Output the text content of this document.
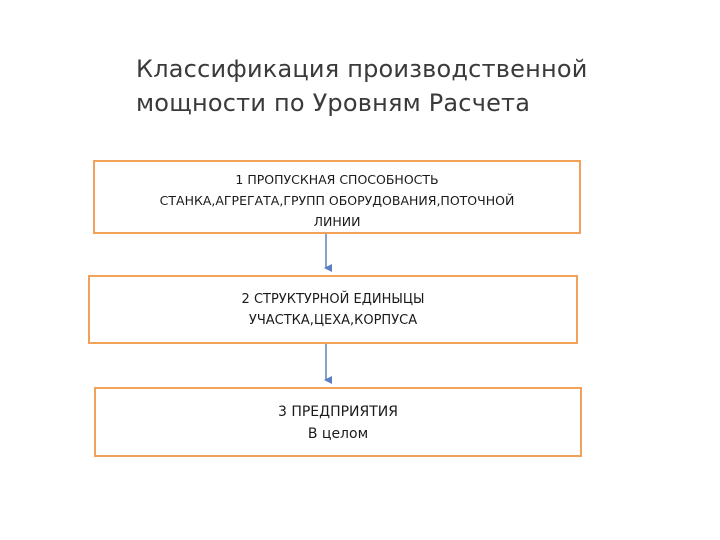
Классификация производственной
мощности по Уровням Расчета
1 ПРОПУСКНАЯ СПОСОБНОСТЬ
СТАНКА,АГРЕГАТА,ГРУПП ОБОРУДОВАНИЯ,ПОТОЧНОЙ
ЛИНИИ
2 СТРУКТУРНОЙ ЕДИНЫЦЫ
УЧАСТКА,ЦЕХА,КОРПУСА
3 ПРЕДПРИЯТИЯ
В целом
